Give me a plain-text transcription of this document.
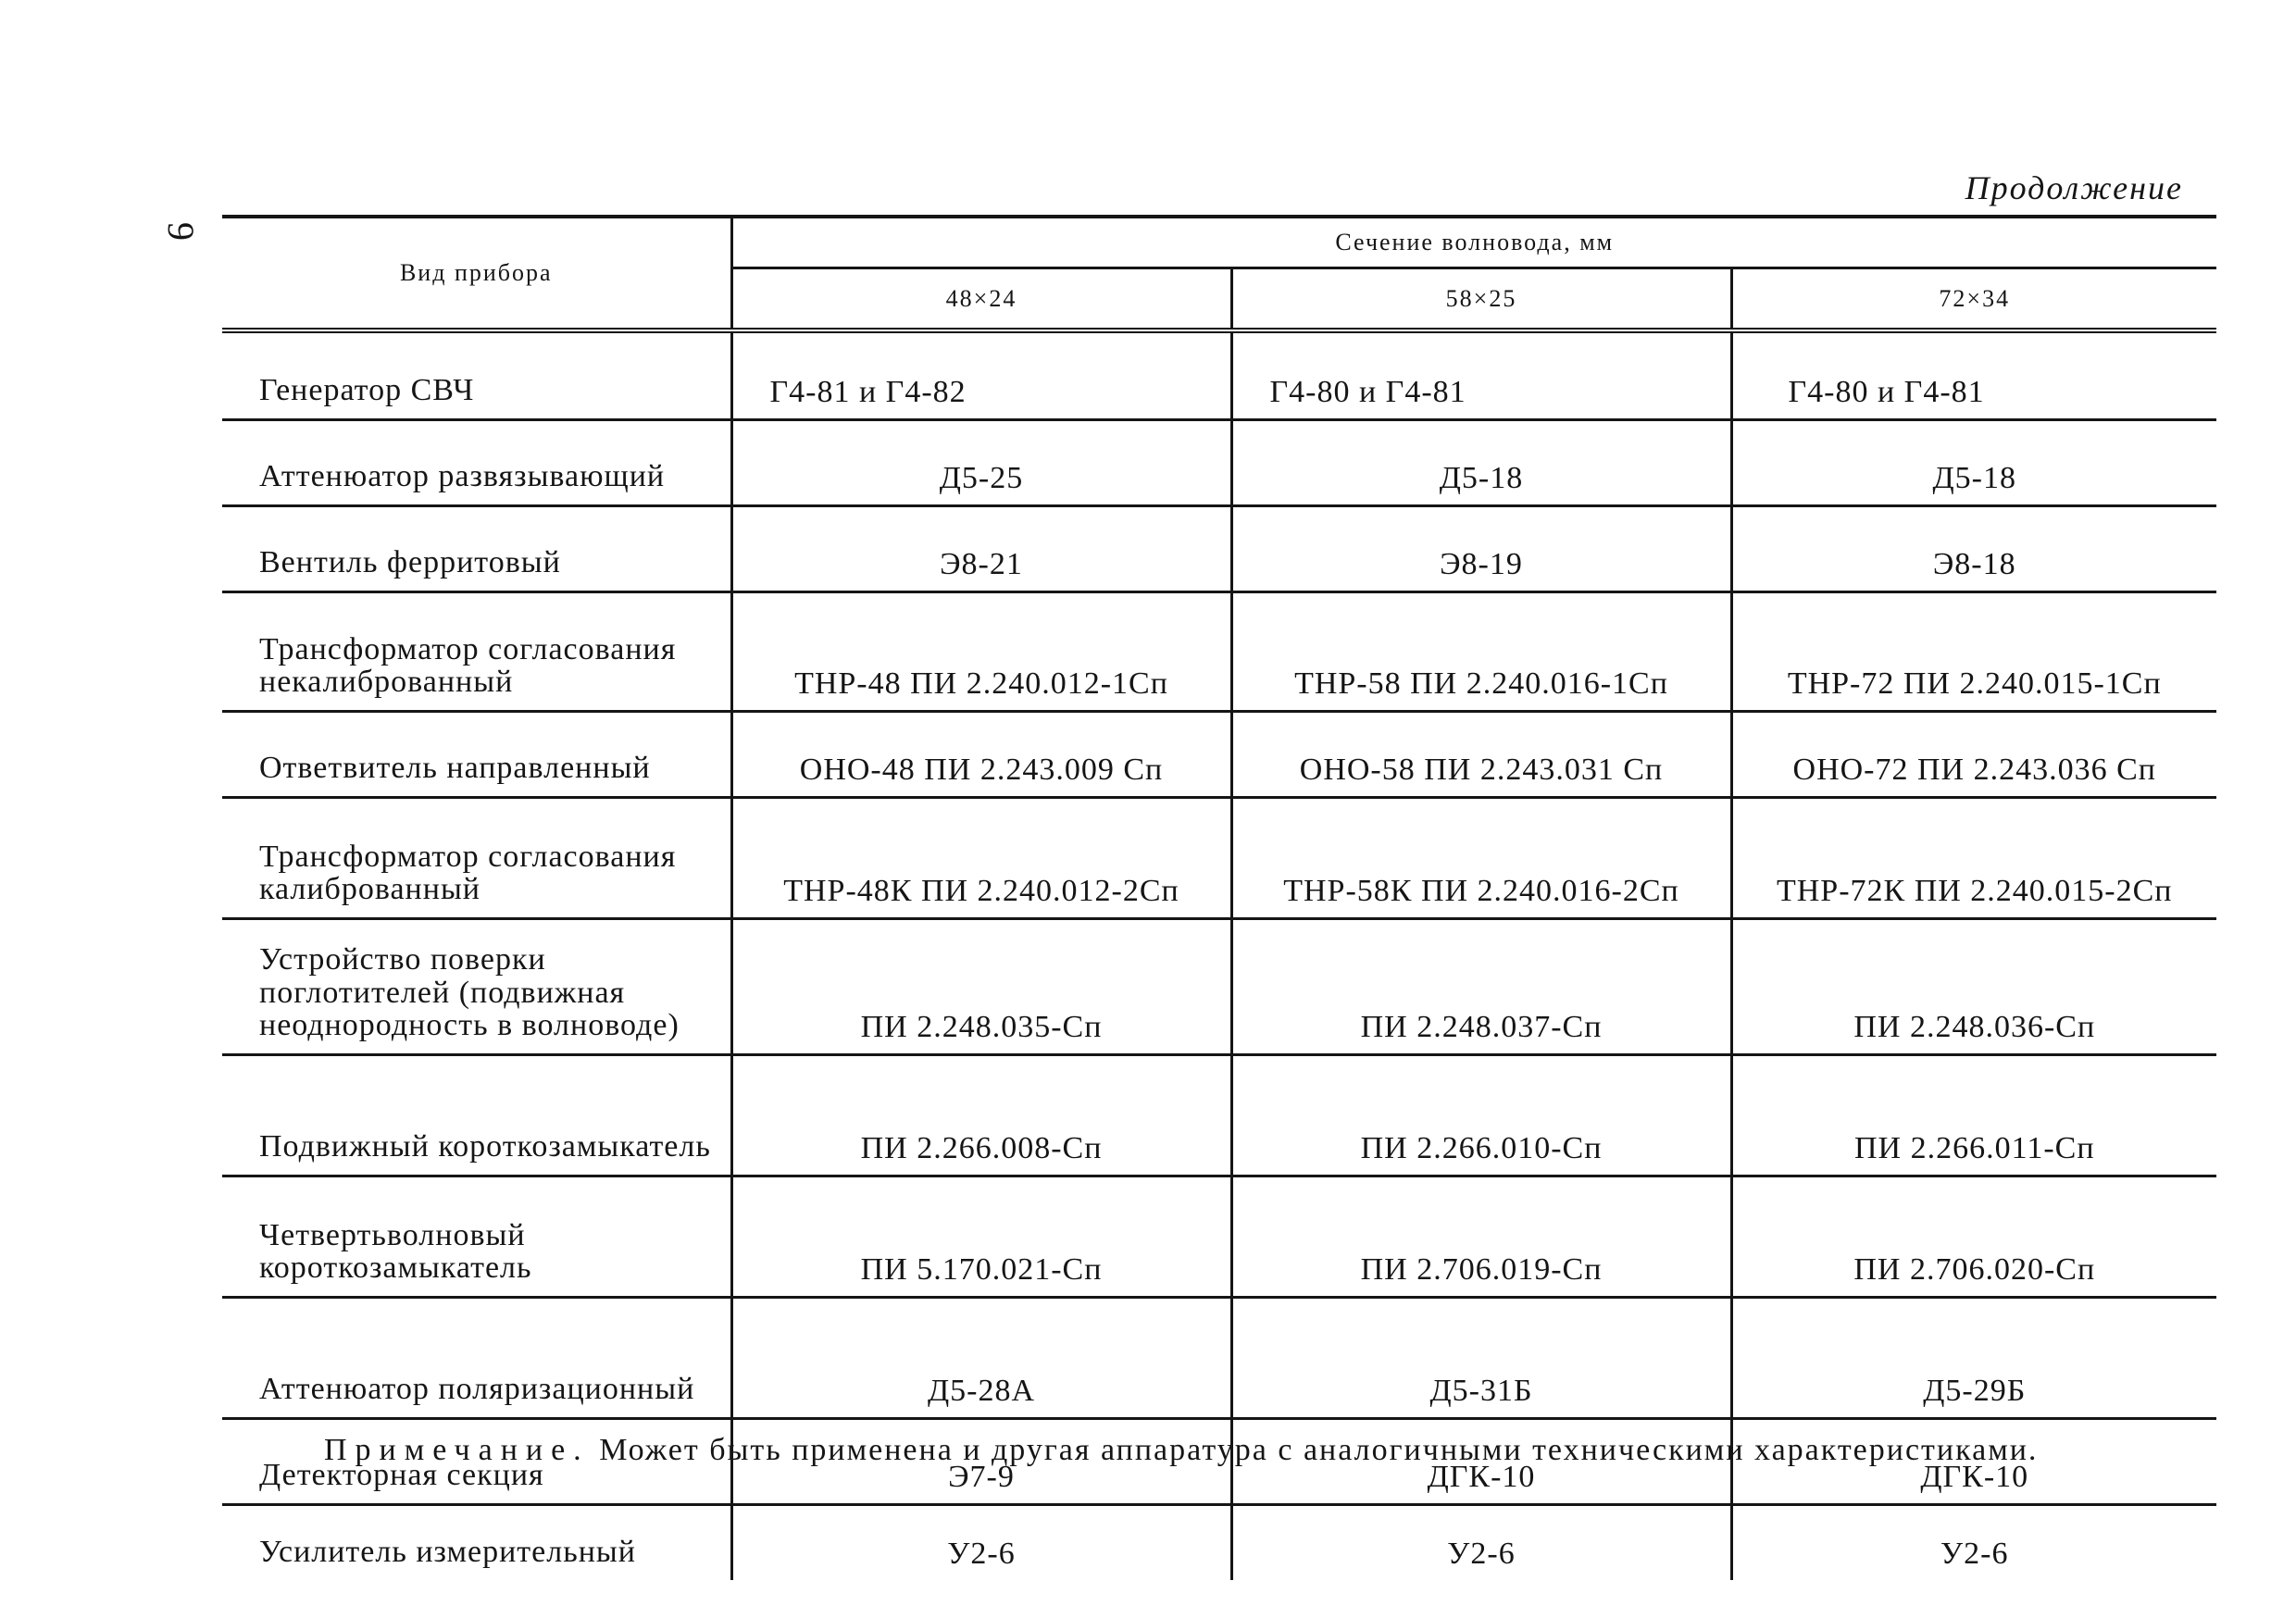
9
Продолжение

Вид прибора	Сечение волновода, мм		
	48×24	58×25	72×34
Генератор СВЧ	Г4-81 и Г4-82	Г4-80 и Г4-81	Г4-80 и Г4-81
Аттенюатор развязывающий	Д5-25	Д5-18	Д5-18
Вентиль ферритовый	Э8-21	Э8-19	Э8-18
Трансформатор согласования некалиброванный	ТНР-48 ПИ 2.240.012-1Сп	ТНР-58 ПИ 2.240.016-1Сп	ТНР-72 ПИ 2.240.015-1Сп
Ответвитель направленный	ОНО-48 ПИ 2.243.009 Сп	ОНО-58 ПИ 2.243.031 Сп	ОНО-72 ПИ 2.243.036 Сп
Трансформатор согласования калиброванный	ТНР-48К ПИ 2.240.012-2Сп	ТНР-58К ПИ 2.240.016-2Сп	ТНР-72К ПИ 2.240.015-2Сп
Устройство поверки поглотителей (подвижная неоднородность в волноводе)	ПИ 2.248.035-Сп	ПИ 2.248.037-Сп	ПИ 2.248.036-Сп
Подвижный короткозамыкатель	ПИ 2.266.008-Сп	ПИ 2.266.010-Сп	ПИ 2.266.011-Сп
Четвертьволновый короткозамыкатель	ПИ 5.170.021-Сп	ПИ 2.706.019-Сп	ПИ 2.706.020-Сп
Аттенюатор поляризационный	Д5-28А	Д5-31Б	Д5-29Б
Детекторная секция	Э7-9	ДГК-10	ДГК-10
Усилитель измерительный	У2-6	У2-6	У2-6
Примечание. Может быть применена и другая аппаратура с аналогичными техническими характеристиками.
